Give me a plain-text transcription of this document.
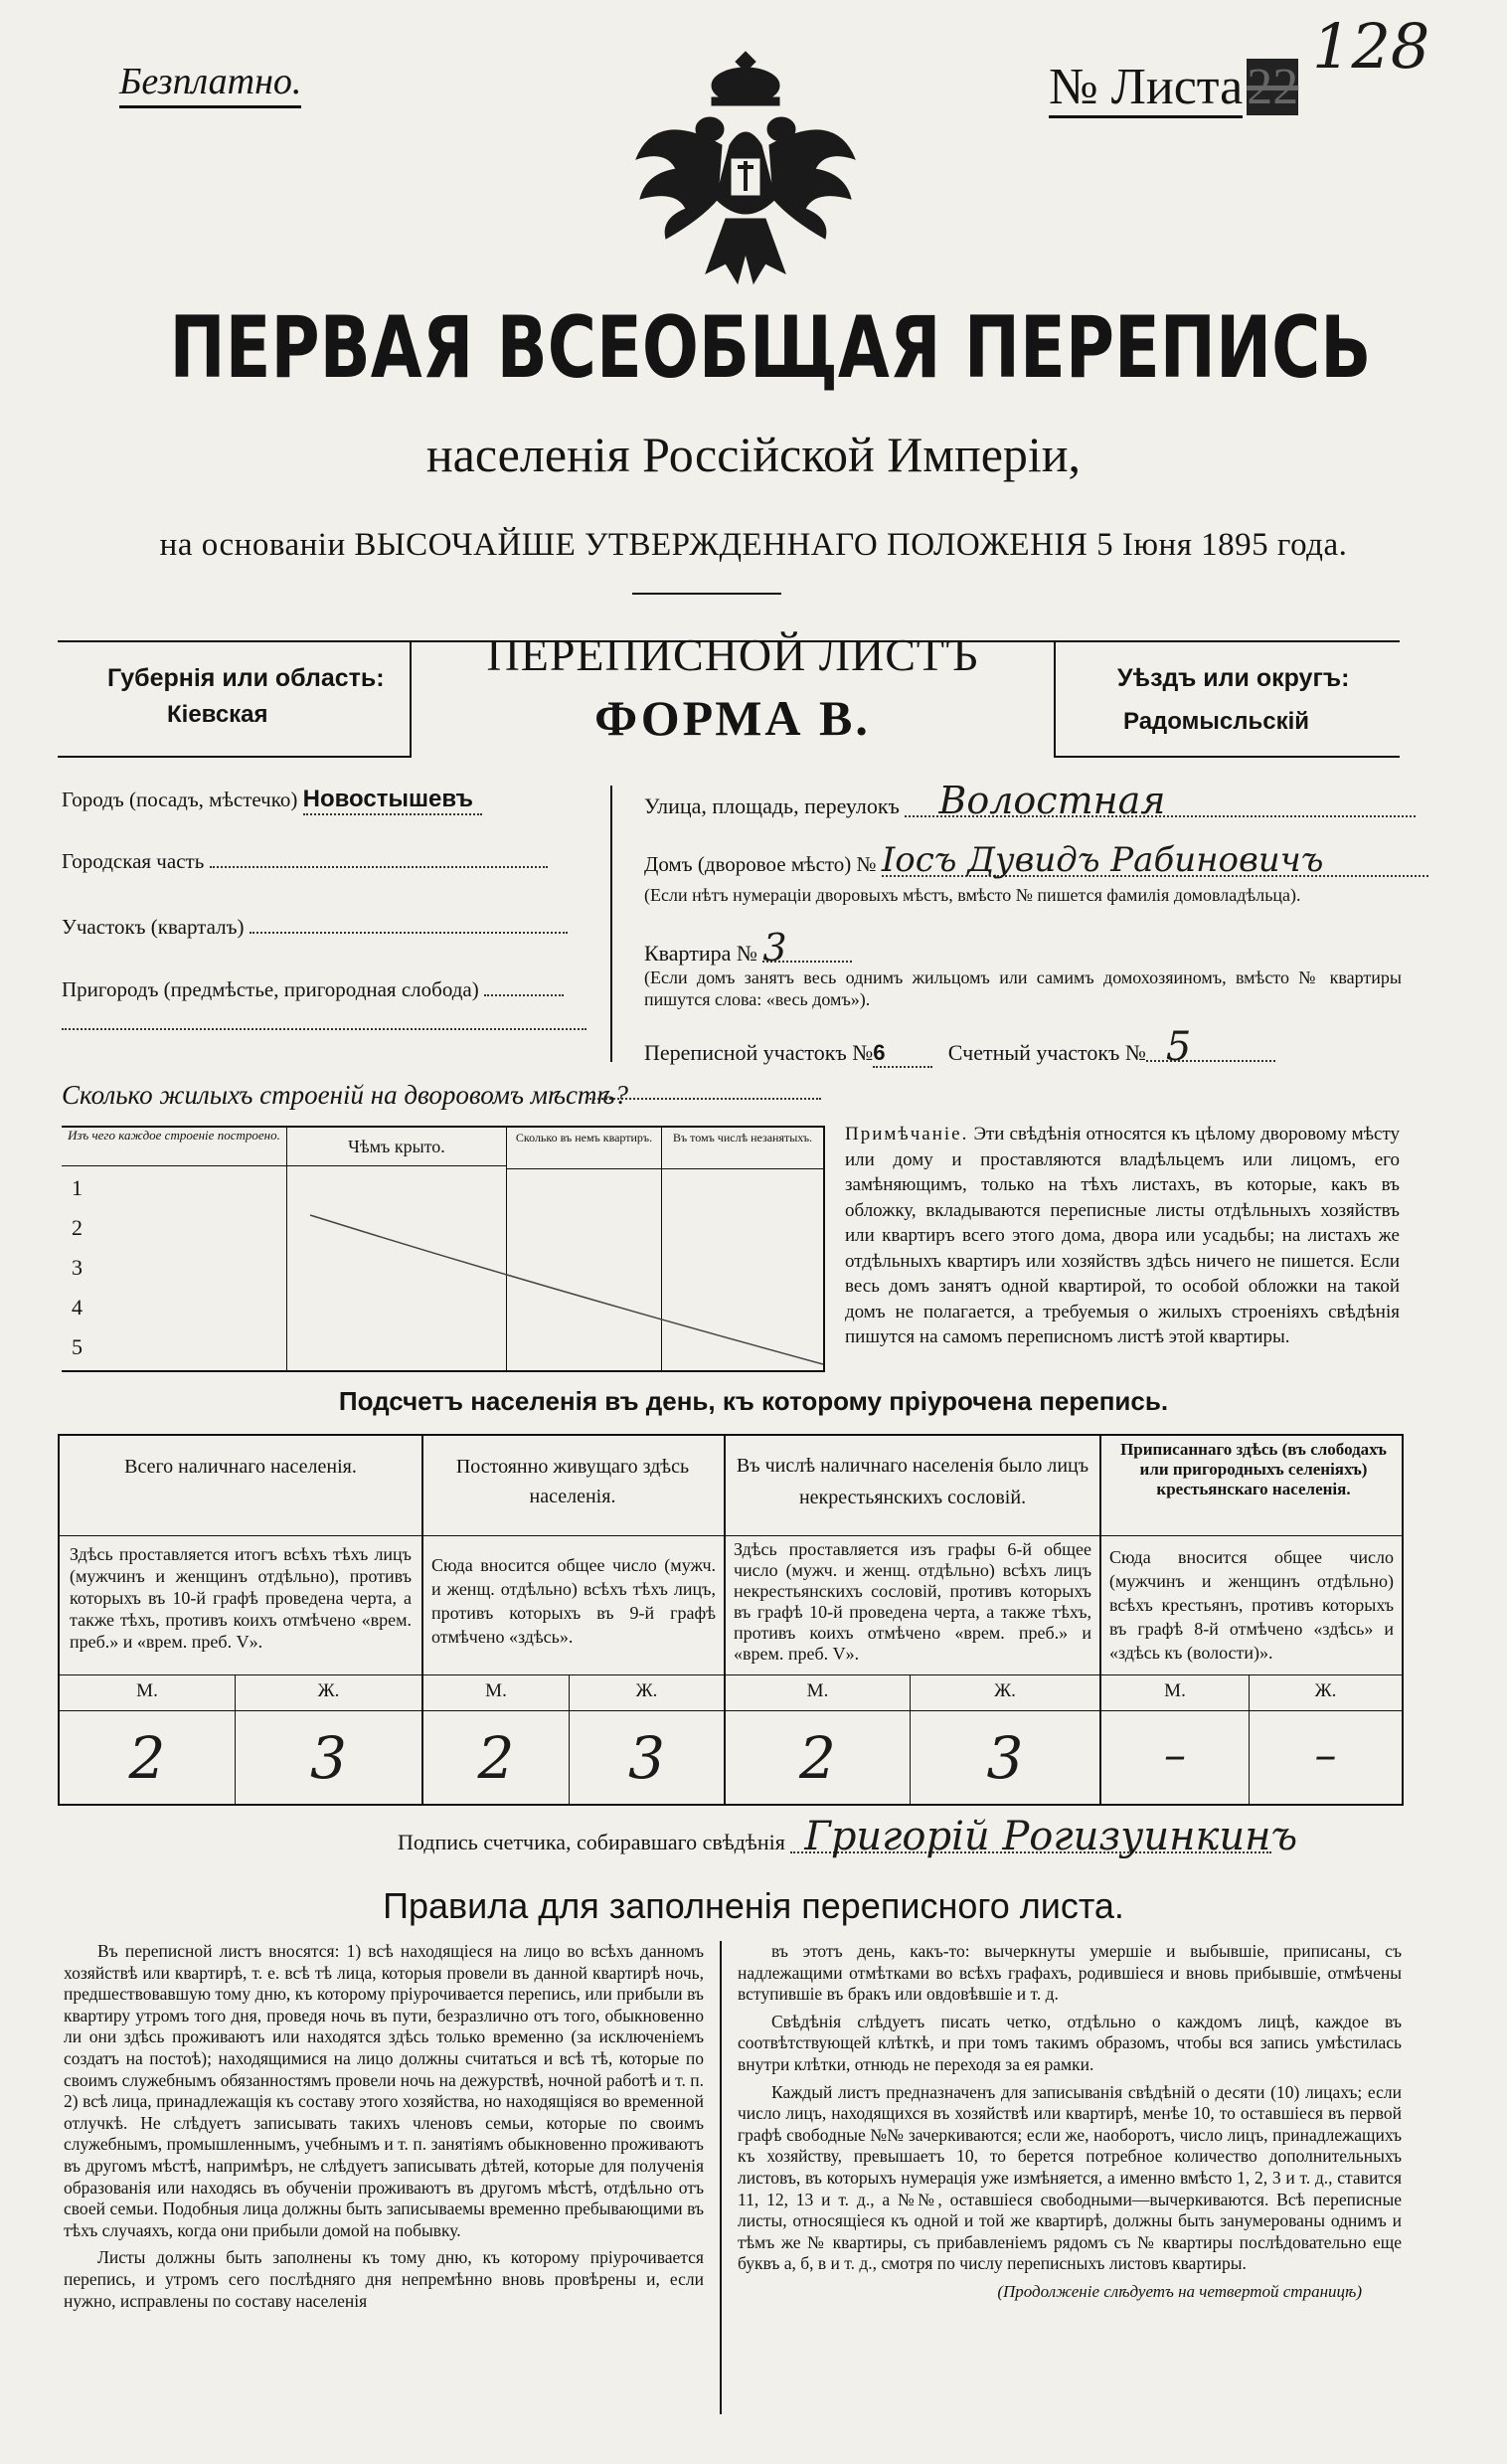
Безплатно.	№ Листа22
128
ПЕРВАЯ ВСЕОБЩАЯ ПЕРЕПИСЬ
населенія Россійской Имперіи,
на основаніи ВЫСОЧАЙШЕ УТВЕРЖДЕННАГО ПОЛОЖЕНІЯ 5 Іюня 1895 года.
Губернія или область:
Кіевская
ПЕРЕПИСНОЙ ЛИСТЪ
ФОРМА В.
Уѣздъ или округъ:
Радомысльскій
Городъ (посадъ, мѣстечко) Новостышевъ
Городская часть
Участокъ (кварталъ)
Пригородъ (предмѣстье, пригородная слобода)
Улица, площадь, переулокъ Волостная
Домъ (дворовое мѣсто) № Іосъ Дувидъ Рабиновичъ
(Если нѣтъ нумераціи дворовыхъ мѣстъ, вмѣсто № пишется фамилія домовладѣльца).
Квартира № 3
(Если домъ занятъ весь однимъ жильцомъ или самимъ домохозяиномъ, вмѣсто № квартиры пишутся слова: «весь домъ»).
Переписной участокъ №6	Счетный участокъ № 5
Сколько жилыхъ строеній на дворовомъ мѣстѣ?
Изъ чего каждое строеніе построено.
Чѣмъ крыто.	Сколько въ немъ квартиръ.	Въ томъ числѣ незанятыхъ.
1
2
3
4
5
Примѣчаніе. Эти свѣдѣнія относятся къ цѣлому дворовому мѣсту или дому и проставляются владѣльцемъ или лицомъ, его замѣняющимъ, только на тѣхъ листахъ, въ которые, какъ въ обложку, вкладываются переписные листы отдѣльныхъ хозяйствъ или квартиръ всего этого дома, двора или усадьбы; на листахъ же отдѣльныхъ квартиръ или хозяйствъ здѣсь ничего не пишется. Если весь домъ занятъ одной квартирой, то особой обложки на такой домъ не полагается, а требуемыя о жилыхъ строеніяхъ свѣдѣнія пишутся на самомъ переписномъ листѣ этой квартиры.
Подсчетъ населенія въ день, къ которому пріурочена перепись.
Всего наличнаго населенія.
Здѣсь проставляется итогъ всѣхъ тѣхъ лицъ (мужчинъ и женщинъ отдѣльно), противъ которыхъ въ 10-й графѣ проведена черта, а также тѣхъ, противъ коихъ отмѣчено «врем. преб.» и «врем. преб. V».
Постоянно живущаго здѣсь населенія.
Сюда вносится общее число (мужч. и женщ. отдѣльно) всѣхъ тѣхъ лицъ, противъ которыхъ въ 9-й графѣ отмѣчено «здѣсь».
Въ числѣ наличнаго населенія было лицъ некрестьянскихъ сословій.
Здѣсь проставляется изъ графы 6-й общее число (мужч. и женщ. отдѣльно) всѣхъ лицъ некрестьянскихъ сословій, противъ которыхъ въ графѣ 10-й проведена черта, а также тѣхъ, противъ коихъ отмѣчено «врем. преб.» и «врем. преб. V».
Приписаннаго здѣсь (въ слободахъ или пригородныхъ селеніяхъ) крестьянскаго населенія.
Сюда вносится общее число (мужчинъ и женщинъ отдѣльно) всѣхъ крестьянъ, противъ которыхъ въ графѣ 8-й отмѣчено «здѣсь» и «здѣсь къ (волости)».
М.	Ж.	М.	Ж.	М.	Ж.	М.	Ж.
2	3	2	3	2	3	–	–
Подпись счетчика, собиравшаго свѣдѣнія Григорій Рогизуинкинъ
Правила для заполненія переписного листа.

Въ переписной листъ вносятся: 1) всѣ находящіеся на лицо во всѣхъ данномъ хозяйствѣ или квартирѣ, т. е. всѣ тѣ лица, которыя провели въ данной квартирѣ ночь, предшествовавшую тому дню, къ которому пріурочивается перепись, или прибыли въ квартиру утромъ того дня, проведя ночь въ пути, безразлично отъ того, обыкновенно ли они здѣсь проживаютъ или находятся здѣсь только временно (за исключеніемъ создатъ на постоѣ); находящимися на лицо должны считаться и всѣ тѣ, которые по своимъ служебнымъ обязанностямъ провели ночь на дежурствѣ, ночной работѣ и т. п. 2) всѣ лица, принадлежащія къ составу этого хозяйства, но находящіяся во временной отлучкѣ. Не слѣдуетъ записывать такихъ членовъ семьи, которые по своимъ служебнымъ, промышленнымъ, учебнымъ и т. п. занятіямъ обыкновенно проживаютъ въ другомъ мѣстѣ, напримѣръ, не слѣдуетъ записывать дѣтей, которые для полученія образованія или находясь въ обученіи проживаютъ въ другомъ мѣстѣ, отдѣльно отъ своей семьи. Подобныя лица должны быть записываемы временно пребывающими въ тѣхъ случаяхъ, когда они прибыли домой на побывку.

Листы должны быть заполнены къ тому дню, къ которому пріурочивается перепись, и утромъ сего послѣдняго дня непремѣнно вновь провѣрены и, если нужно, исправлены по составу населенія

въ этотъ день, какъ-то: вычеркнуты умершіе и выбывшіе, приписаны, съ надлежащими отмѣтками во всѣхъ графахъ, родившіеся и вновь прибывшіе, отмѣчены вступившіе въ бракъ или овдовѣвшіе и т. д.

Свѣдѣнія слѣдуетъ писать четко, отдѣльно о каждомъ лицѣ, каждое въ соотвѣтствующей клѣткѣ, и при томъ такимъ образомъ, чтобы вся запись умѣстилась внутри клѣтки, отнюдь не переходя за ея рамки.

Каждый листъ предназначенъ для записыванія свѣдѣній о десяти (10) лицахъ; если число лицъ, находящихся въ хозяйствѣ или квартирѣ, менѣе 10, то оставшіеся въ первой графѣ свободные №№ зачеркиваются; если же, наоборотъ, число лицъ, принадлежащихъ къ хозяйству, превышаетъ 10, то берется потребное количество дополнительныхъ листовъ, въ которыхъ нумерація уже измѣняется, а именно вмѣсто 1, 2, 3 и т. д., ставится 11, 12, 13 и т. д., а №№, оставшіеся свободными—вычеркиваются. Всѣ переписные листы, относящіеся къ одной и той же квартирѣ, должны быть занумерованы однимъ и тѣмъ же № квартиры, съ прибавленіемъ рядомъ съ № квартиры послѣдовательно еще буквъ а, б, в и т. д., смотря по числу переписныхъ листовъ квартиры.

(Продолженіе слѣдуетъ на четвертой страницѣ)
